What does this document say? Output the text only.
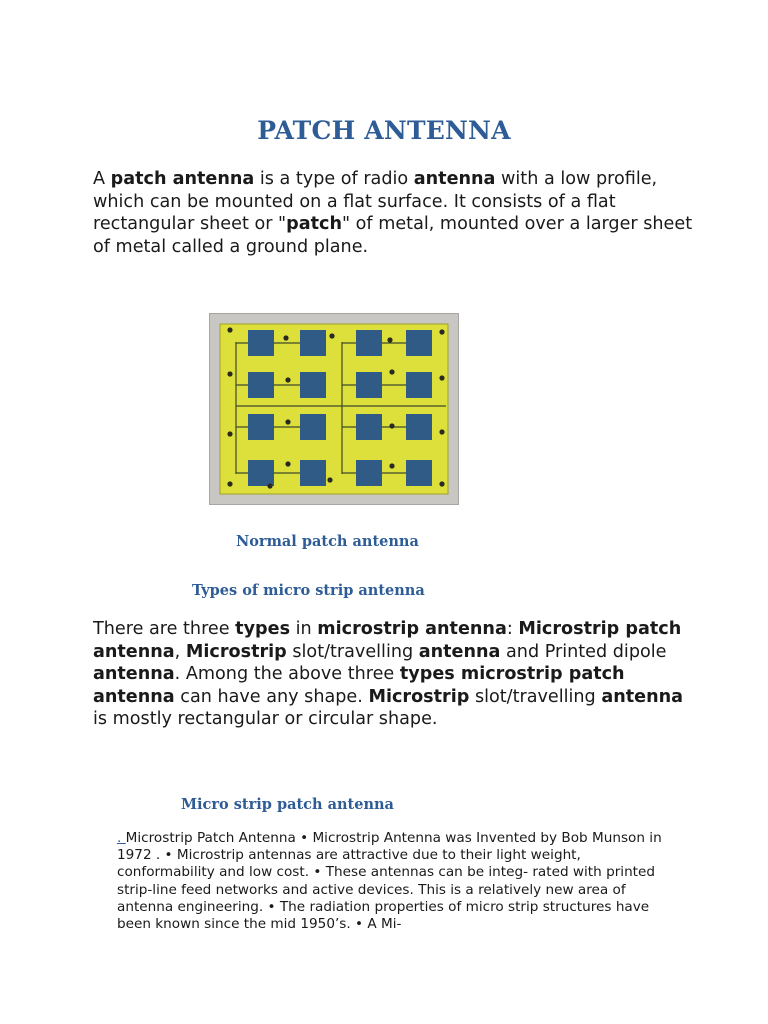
PATCH ANTENNA

A patch antenna is a type of radio antenna with a low profile, which can be mounted on a flat surface. It consists of a flat rectangular sheet or "patch" of metal, mounted over a larger sheet of metal called a ground plane.

Normal patch antenna
Types of micro strip antenna

There are three types in microstrip antenna: Microstrip patch antenna, Microstrip slot/travelling antenna and Printed dipole antenna. Among the above three types microstrip patch antenna can have any shape. Microstrip slot/travelling antenna is mostly rectangular or circular shape.

Micro strip patch antenna

. Microstrip Patch Antenna • Microstrip Antenna was Invented by Bob Munson in 1972 . • Microstrip antennas are attractive due to their light weight, conformability and low cost. • These antennas can be integ- rated with printed strip-line feed networks and active devices. This is a relatively new area of antenna engineering. • The radiation properties of micro strip structures have been known since the mid 1950’s. • A Mi-
